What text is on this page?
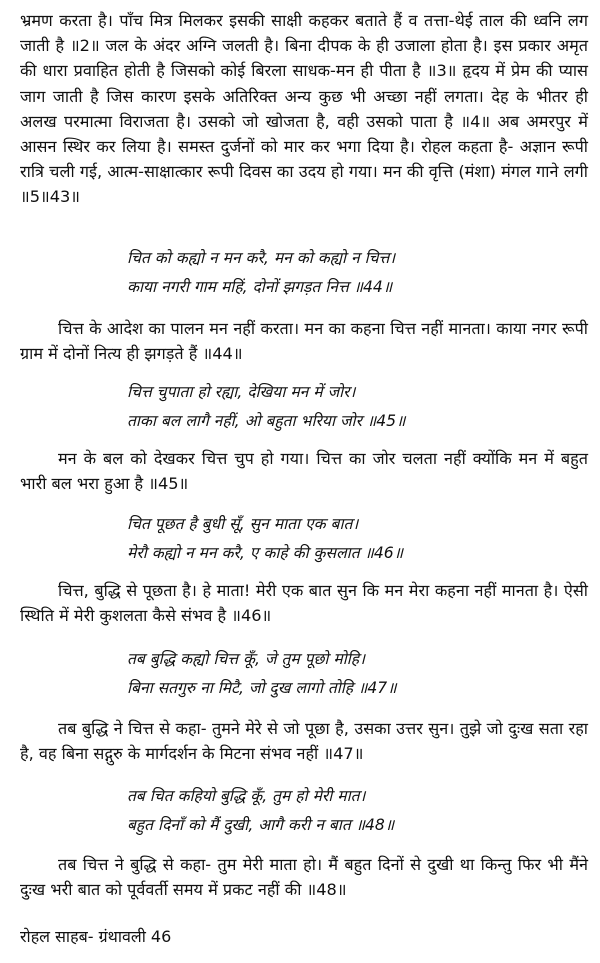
भ्रमण करता है। पाँच मित्र मिलकर इसकी साक्षी कहकर बताते हैं व तत्ता-थेई ताल की ध्वनि लग जाती है ॥2॥ जल के अंदर अग्नि जलती है। बिना दीपक के ही उजाला होता है। इस प्रकार अमृत की धारा प्रवाहित होती है जिसको कोई बिरला साधक-मन ही पीता है ॥3॥ हृदय में प्रेम की प्यास जाग जाती है जिस कारण इसके अतिरिक्त अन्य कुछ भी अच्छा नहीं लगता। देह के भीतर ही अलख परमात्मा विराजता है। उसको जो खोजता है, वही उसको पाता है ॥4॥ अब अमरपुर में आसन स्थिर कर लिया है। समस्त दुर्जनों को मार कर भगा दिया है। रोहल कहता है- अज्ञान रूपी रात्रि चली गई, आत्म-साक्षात्कार रूपी दिवस का उदय हो गया। मन की वृत्ति (मंशा) मंगल गाने लगी ॥5॥43॥

चित को कह्यो न मन करै, मन को कह्यो न चित्त।
काया नगरी गाम महिं, दोनों झगड़त नित्त ॥44॥

चित्त के आदेश का पालन मन नहीं करता। मन का कहना चित्त नहीं मानता। काया नगर रूपी ग्राम में दोनों नित्य ही झगड़ते हैं ॥44॥

चित्त चुपाता हो रह्या, देखिया मन में जोर।
ताका बल लागै नहीं, ओ बहुता भरिया जोर ॥45॥

मन के बल को देखकर चित्त चुप हो गया। चित्त का जोर चलता नहीं क्योंकि मन में बहुत भारी बल भरा हुआ है ॥45॥

चित पूछत है बुधी सूँ, सुन माता एक बात।
मेरौ कह्यो न मन करै, ए काहे की कुसलात ॥46॥

चित्त, बुद्धि से पूछता है। हे माता! मेरी एक बात सुन कि मन मेरा कहना नहीं मानता है। ऐसी स्थिति में मेरी कुशलता कैसे संभव है ॥46॥

तब बुद्धि कह्यो चित्त कूँ, जे तुम पूछो मोहि।
बिना सतगुरु ना मिटै, जो दुख लागो तोहि ॥47॥

तब बुद्धि ने चित्त से कहा- तुमने मेरे से जो पूछा है, उसका उत्तर सुन। तुझे जो दुःख सता रहा है, वह बिना सद्गुरु के मार्गदर्शन के मिटना संभव नहीं ॥47॥

तब चित कहियो बुद्धि कूँ, तुम हो मेरी मात।
बहुत दिनाँ को मैं दुखी, आगै करी न बात ॥48॥

तब चित्त ने बुद्धि से कहा- तुम मेरी माता हो। मैं बहुत दिनों से दुखी था किन्तु फिर भी मैंने दुःख भरी बात को पूर्ववर्ती समय में प्रकट नहीं की ॥48॥

रोहल साहब- ग्रंथावली 46
